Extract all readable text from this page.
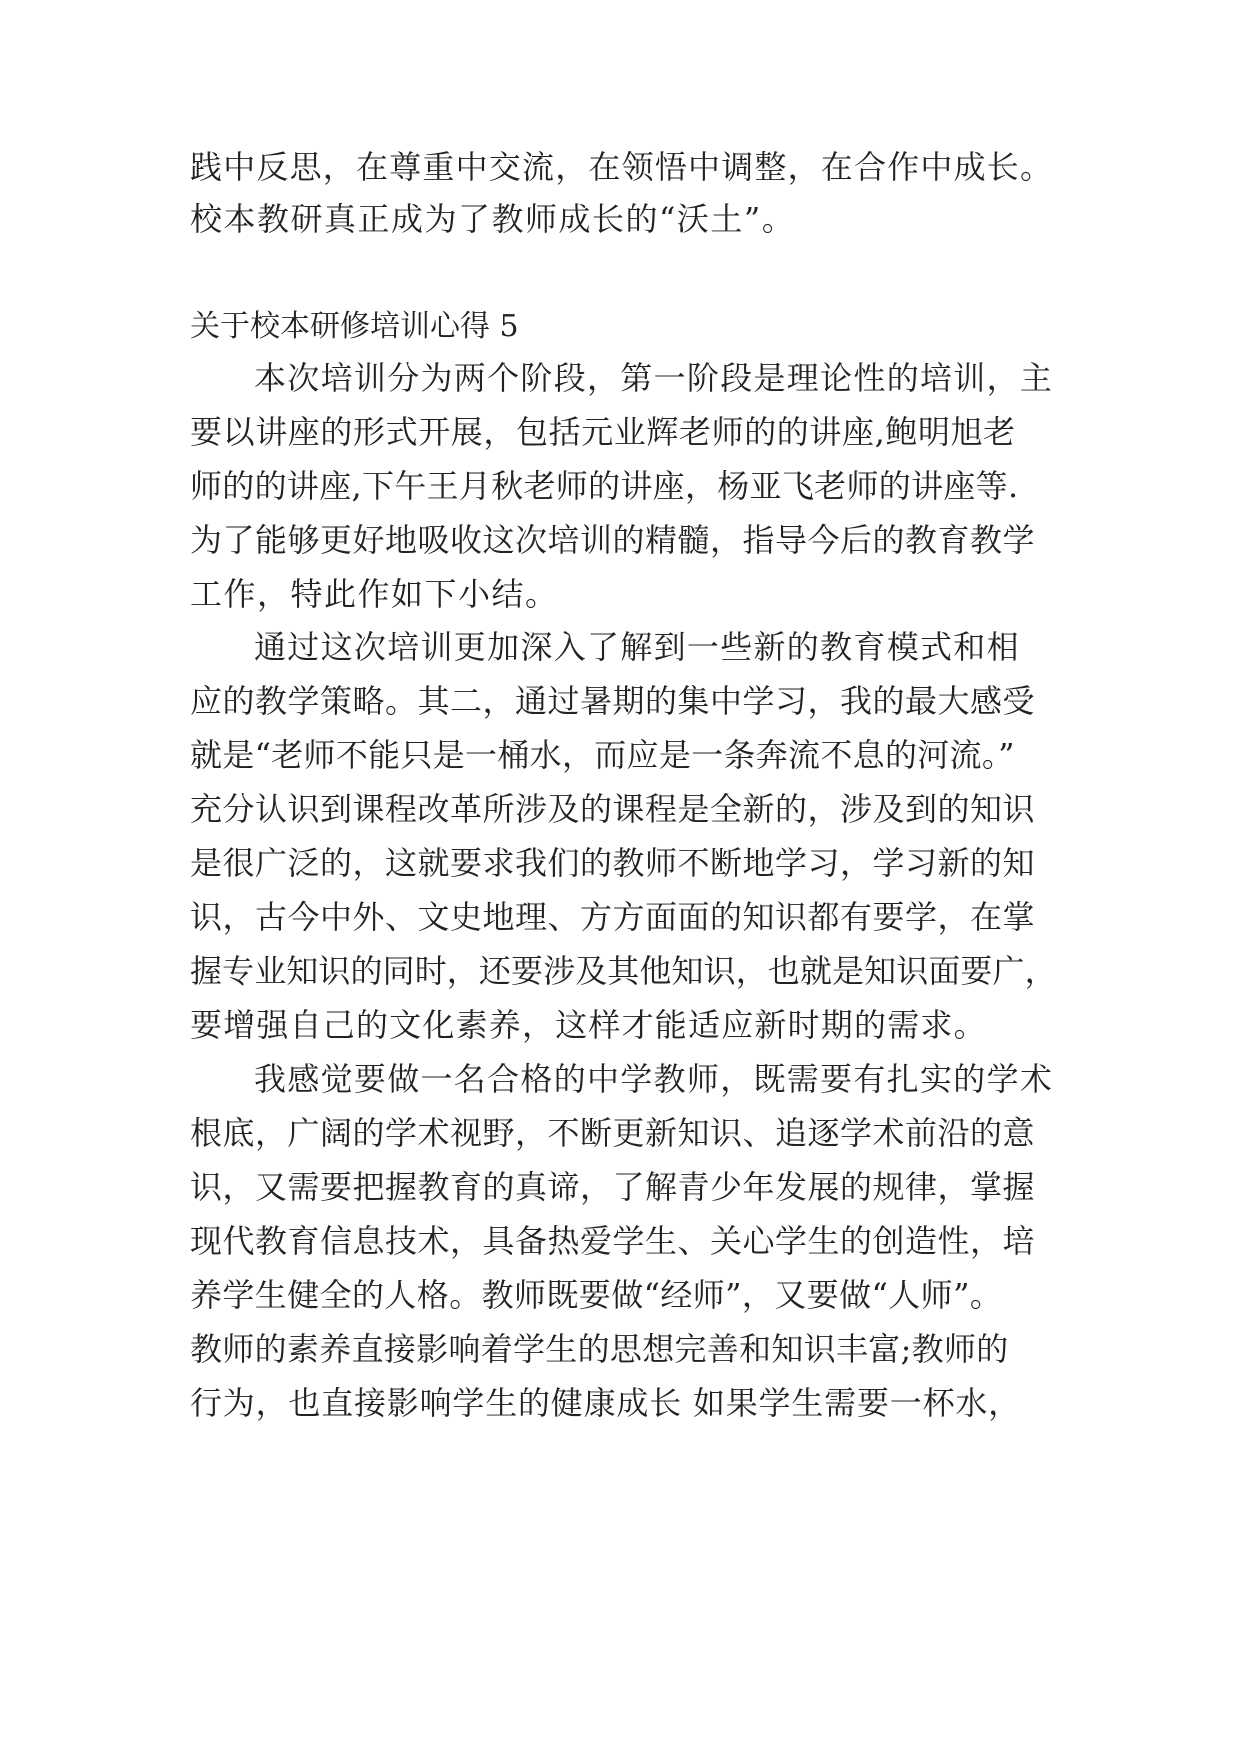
践中反思，在尊重中交流，在领悟中调整，在合作中成长。
校本教研真正成为了教师成长的“沃土”。
关于校本研修培训心得 5
本次培训分为两个阶段，第一阶段是理论性的培训，主
要以讲座的形式开展，包括元业辉老师的的讲座,鲍明旭老
师的的讲座,下午王月秋老师的讲座，杨亚飞老师的讲座等.
为了能够更好地吸收这次培训的精髓，指导今后的教育教学
工作，特此作如下小结。
通过这次培训更加深入了解到一些新的教育模式和相
应的教学策略。其二，通过暑期的集中学习，我的最大感受
就是“老师不能只是一桶水，而应是一条奔流不息的河流。”
充分认识到课程改革所涉及的课程是全新的，涉及到的知识
是很广泛的，这就要求我们的教师不断地学习，学习新的知
识，古今中外、文史地理、方方面面的知识都有要学，在掌
握专业知识的同时，还要涉及其他知识，也就是知识面要广，
要增强自己的文化素养，这样才能适应新时期的需求。
我感觉要做一名合格的中学教师，既需要有扎实的学术
根底，广阔的学术视野，不断更新知识、追逐学术前沿的意
识，又需要把握教育的真谛，了解青少年发展的规律，掌握
现代教育信息技术，具备热爱学生、关心学生的创造性，培
养学生健全的人格。教师既要做“经师”，又要做“人师”。
教师的素养直接影响着学生的思想完善和知识丰富;教师的
行为，也直接影响学生的健康成长 如果学生需要一杯水，
